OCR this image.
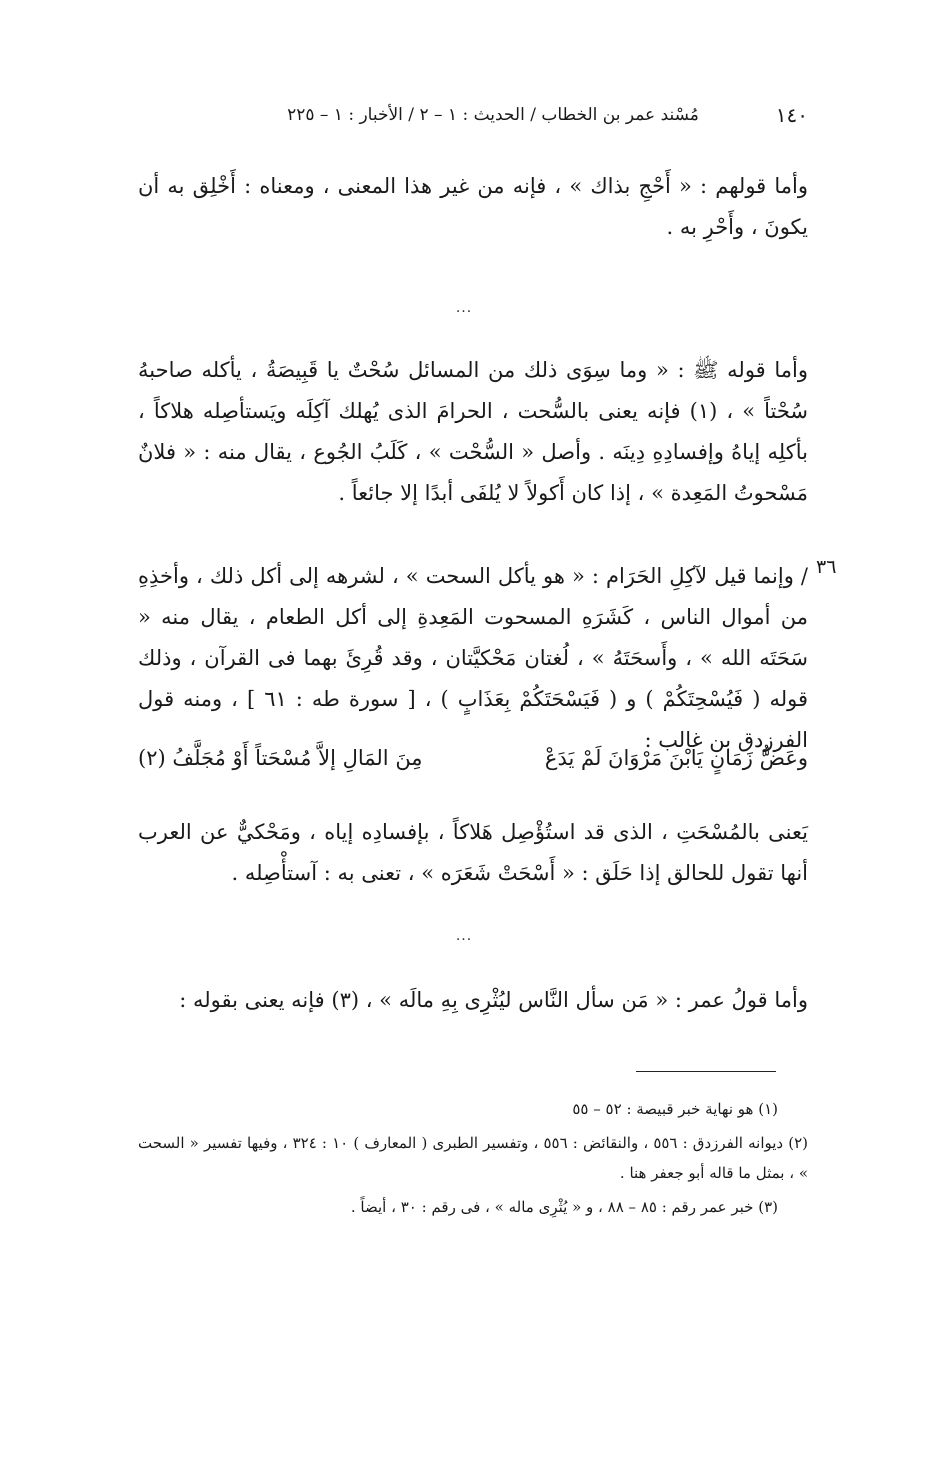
١٤٠
مُسْند عمر بن الخطاب / الحديث : ١ – ٢ / الأخبار : ١ – ٢٢٥

وأما قولهم : « أَحْجِ بذاك » ، فإنه من غير هذا المعنى ، ومعناه : أَخْلِق به أن يكونَ ، وأَحْرِ به .

...

وأما قوله ﷺ : « وما سِوَى ذلك من المسائل سُحْتٌ يا قَبِيصَةُ ، يأكله صاحبهُ سُحْتاً » ، (١) فإنه يعنى بالسُّحت ، الحرامَ الذى يُهلك آكِلَه ويَستأصِله هلاكاً ، بأكلِه إياهُ وإفسادِهِ دِينَه . وأصل « السُّحْت » ، كَلَبُ الجُوع ، يقال منه : « فلانٌ مَسْحوتُ المَعِدة » ، إذا كان أَكولاً لا يُلفَى أبدًا إلا جائعاً .

٣٦

/ وإنما قيل لآكِلِ الحَرَام : « هو يأكل السحت » ، لشرهه إلى أكل ذلك ، وأخذِهِ من أموال الناس ، كَشَرَهِ المسحوت المَعِدةِ إلى أكل الطعام ، يقال منه « سَحَتَه الله » ، وأَسحَتَهُ » ، لُغتان مَحْكيَّتان ، وقد قُرِئَ بهما فى القرآن ، وذلك قوله ( فَيُسْحِتَكُمْ ) و ( فَيَسْحَتَكُمْ بِعَذَابٍ ) ، [ سورة طه : ٦١ ] ، ومنه قول الفرزدق بن غالب :

وعَضُّ زَمَانٍ يَابْنَ مَرْوَانَ لَمْ يَدَعْ
مِنَ المَالِ إلاَّ مُسْحَتاً أَوْ مُجَلَّفُ (٢)

يَعنى بالمُسْحَتِ ، الذى قد استُؤْصِل هَلاكاً ، بإفسادِه إياه ، ومَحْكيٌّ عن العرب أنها تقول للحالق إذا حَلَق : « أَسْحَتْ شَعَرَه » ، تعنى به : آستأْصِله .

...

وأما قولُ عمر : « مَن سأل النَّاس ليُثْرِى بِهِ مالَه » ، (٣) فإنه يعنى بقوله :

(١) هو نهاية خبر قبيصة : ٥٢ – ٥٥

(٢) ديوانه الفرزدق : ٥٥٦ ، والنقائض : ٥٥٦ ، وتفسير الطبرى ( المعارف ) ١٠ : ٣٢٤ ، وفيها تفسير « السحت » ، بمثل ما قاله أبو جعفر هنا .

(٣) خبر عمر رقم : ٨٥ – ٨٨ ، و « يُثْرِى ماله » ، فى رقم : ٣٠ ، أيضاً .
